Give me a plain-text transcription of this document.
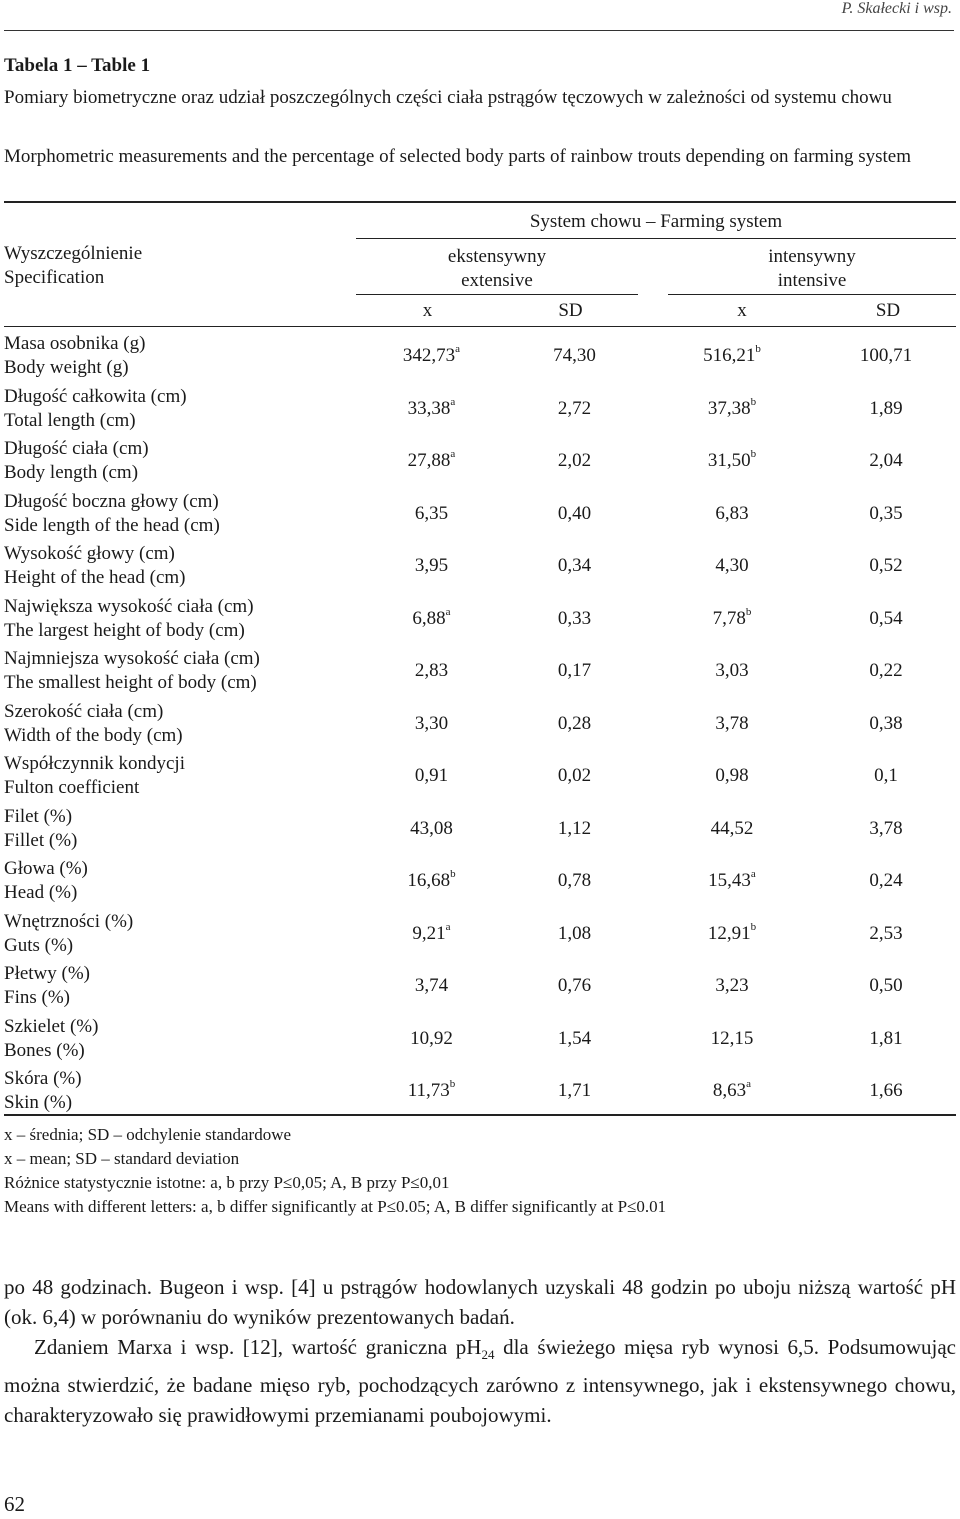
P. Skałecki i wsp.
Tabela 1 – Table 1
Pomiary biometryczne oraz udział poszczególnych części ciała pstrągów tęczowych w zależności od systemu chowu
Morphometric measurements and the percentage of selected body parts of rainbow trouts depending on farming system
System chowu – Farming system
Wyszczególnienie
Specification
ekstensywny
extensive
intensywny
intensive
x	SD	x	SD
Masa osobnika (g)
Body weight (g)	342,73$^a$	74,30	516,21$^b$	100,71

Długość całkowita (cm)
Total length (cm)	33,38$^a$	2,72	37,38$^b$	1,89

Długość ciała (cm)
Body length (cm)	27,88$^a$	2,02	31,50$^b$	2,04

Długość boczna głowy (cm)
Side length of the head (cm)	6,35	0,40	6,83	0,35

Wysokość głowy (cm)
Height of the head (cm)	3,95	0,34	4,30	0,52

Największa wysokość ciała (cm)
The largest height of body (cm)	6,88$^a$	0,33	7,78$^b$	0,54

Najmniejsza wysokość ciała (cm)
The smallest height of body (cm)	2,83	0,17	3,03	0,22

Szerokość ciała (cm)
Width of the body (cm)	3,30	0,28	3,78	0,38

Współczynnik kondycji
Fulton coefficient	0,91	0,02	0,98	0,1

Filet (%)
Fillet (%)	43,08	1,12	44,52	3,78

Głowa (%)
Head (%)	16,68$^b$	0,78	15,43$^a$	0,24

Wnętrzności (%)
Guts (%)	9,21$^a$	1,08	12,91$^b$	2,53

Płetwy (%)
Fins (%)	3,74	0,76	3,23	0,50

Szkielet (%)
Bones (%)	10,92	1,54	12,15	1,81

Skóra (%)
Skin (%)	11,73$^b$	1,71	8,63$^a$	1,66
x – średnia; SD – odchylenie standardowe
x – mean; SD – standard deviation
Różnice statystycznie istotne: a, b przy P≤0,05; A, B przy P≤0,01
Means with different letters: a, b differ significantly at P≤0.05; A, B differ significantly at P≤0.01

po 48 godzinach. Bugeon i wsp. [4] u pstrągów hodowlanych uzyskali 48 godzin po uboju niższą wartość pH (ok. 6,4) w porównaniu do wyników prezentowanych badań.

Zdaniem Marxa i wsp. [12], wartość graniczna $pH_{24}$ dla świeżego mięsa ryb wynosi 6,5. Podsumowując można stwierdzić, że badane mięso ryb, pochodzących zarówno z intensywnego, jak i ekstensywnego chowu, charakteryzowało się prawidłowymi przemianami poubojowymi.

62
